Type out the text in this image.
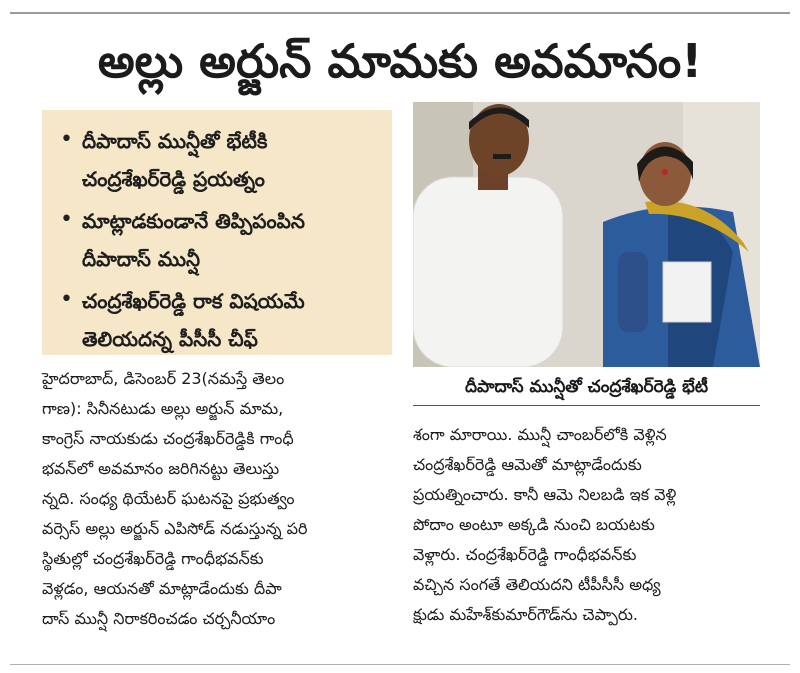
అల్లు అర్జున్ మామకు అవమానం!
• దీపాదాస్ మున్షీతో భేటీకి
చంద్రశేఖర్‌రెడ్డి ప్రయత్నం
• మాట్లాడకుండానే తిప్పిపంపిన
దీపాదాస్ మున్షీ
• చంద్రశేఖర్‌రెడ్డి రాక విషయమే
తెలియదన్న పీసీసీ చీఫ్
దీపాదాస్ మున్షీతో చంద్రశేఖర్‌రెడ్డి భేటీ
హైదరాబాద్, డిసెంబర్ 23(నమస్తే తెలం
గాణ): సినీనటుడు అల్లు అర్జున్ మామ,
కాంగ్రెస్ నాయకుడు చంద్రశేఖర్‌రెడ్డికి గాంధీ
భవన్‌లో అవమానం జరిగినట్టు తెలుస్తు
న్నది. సంధ్య థియేటర్ ఘటనపై ప్రభుత్వం
వర్సెస్ అల్లు అర్జున్ ఎపిసోడ్ నడుస్తున్న పరి
స్థితుల్లో చంద్రశేఖర్‌రెడ్డి గాంధీభవన్‌కు
వెళ్లడం, ఆయనతో మాట్లాడేందుకు దీపా
దాస్ మున్షీ నిరాకరించడం చర్చనీయాం
శంగా మారాయి. మున్షీ చాంబర్‌లోకి వెళ్లిన
చంద్రశేఖర్‌రెడ్డి ఆమెతో మాట్లాడేందుకు
ప్రయత్నించారు. కానీ ఆమె నిలబడి ఇక వెళ్లి
పోదాం అంటూ అక్కడి నుంచి బయటకు
వెళ్లారు. చంద్రశేఖర్‌రెడ్డి గాంధీభవన్‌కు
వచ్చిన సంగతే తెలియదని టీపీసీసీ అధ్య
క్షుడు మహేశ్‌కుమార్‌గౌడ్‌ను చెప్పారు.
